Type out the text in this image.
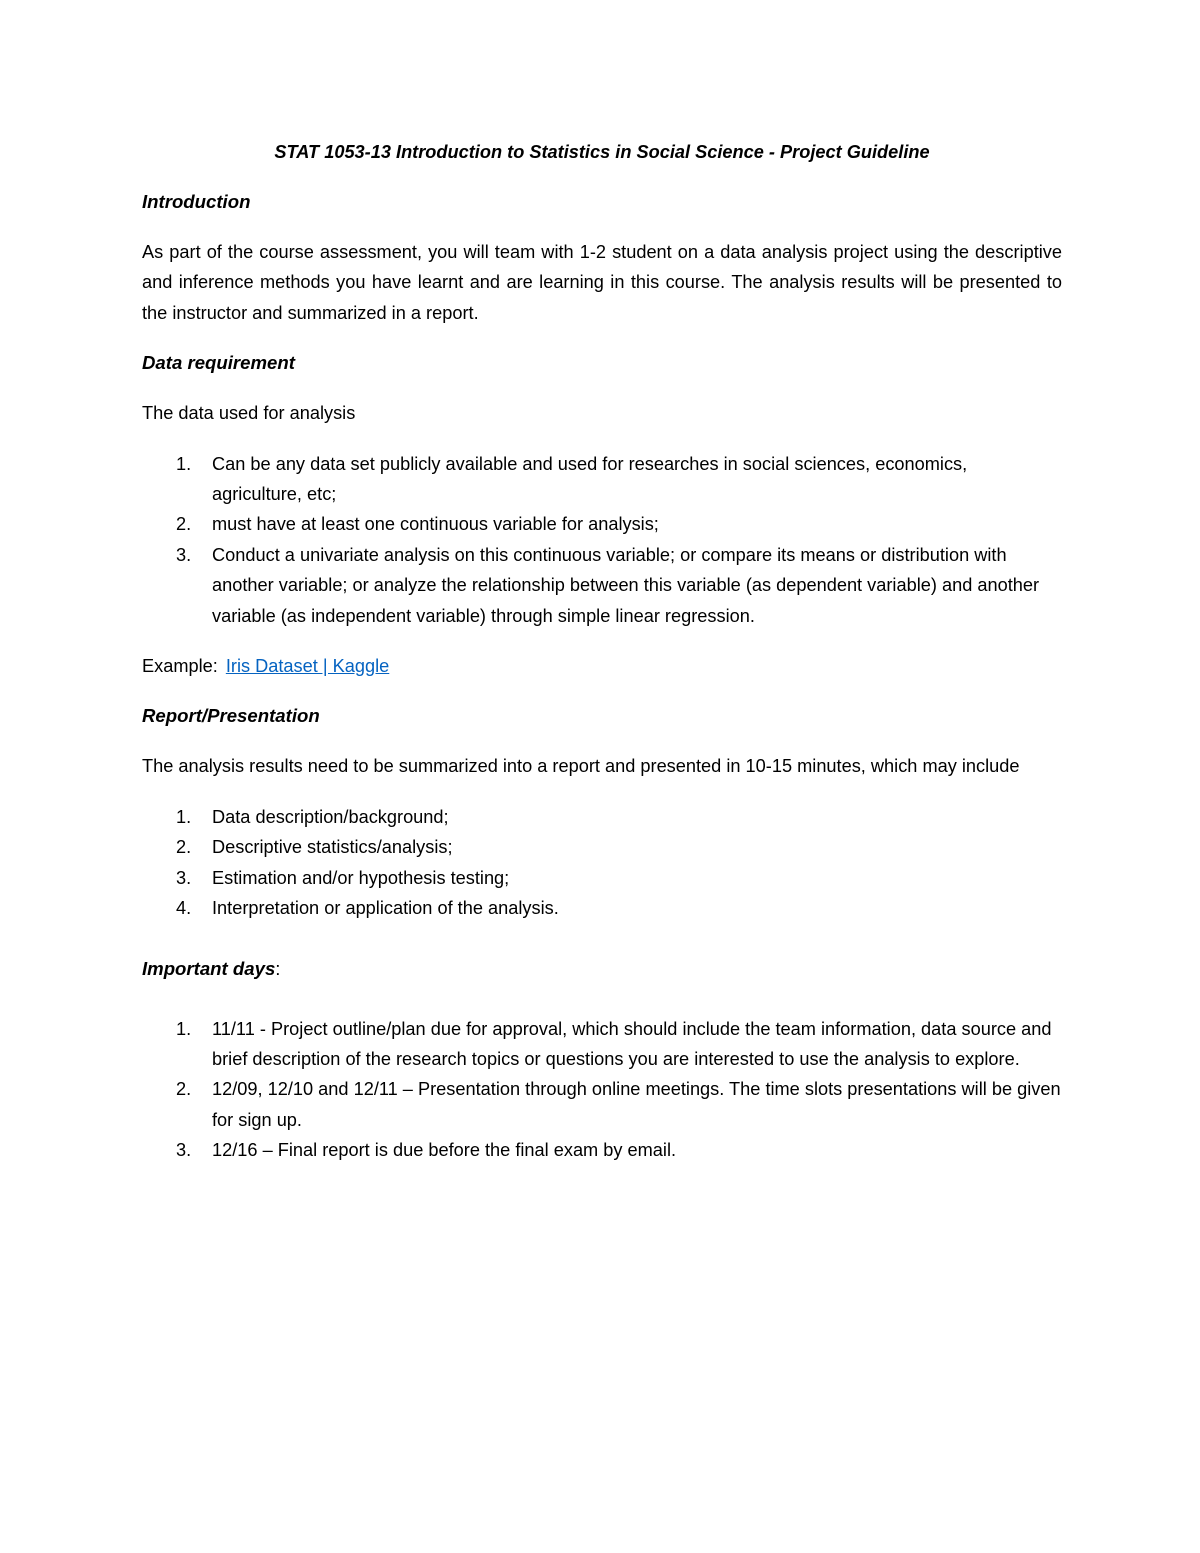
STAT 1053-13 Introduction to Statistics in Social Science - Project Guideline
Introduction

As part of the course assessment, you will team with 1-2 student on a data analysis project using the descriptive and inference methods you have learnt and are learning in this course. The analysis results will be presented to the instructor and summarized in a report.

Data requirement

The data used for analysis

1. Can be any data set publicly available and used for researches in social sciences, economics, agriculture, etc;
2. must have at least one continuous variable for analysis;
3. Conduct a univariate analysis on this continuous variable; or compare its means or distribution with another variable; or analyze the relationship between this variable (as dependent variable) and another variable (as independent variable) through simple linear regression.

Example: Iris Dataset | Kaggle

Report/Presentation

The analysis results need to be summarized into a report and presented in 10-15 minutes, which may include

1. Data description/background;
2. Descriptive statistics/analysis;
3. Estimation and/or hypothesis testing;
4. Interpretation or application of the analysis.
Important days:
1. 11/11 - Project outline/plan due for approval, which should include the team information, data source and brief description of the research topics or questions you are interested to use the analysis to explore.
2. 12/09, 12/10 and 12/11 – Presentation through online meetings. The time slots presentations will be given for sign up.
3. 12/16 – Final report is due before the final exam by email.
